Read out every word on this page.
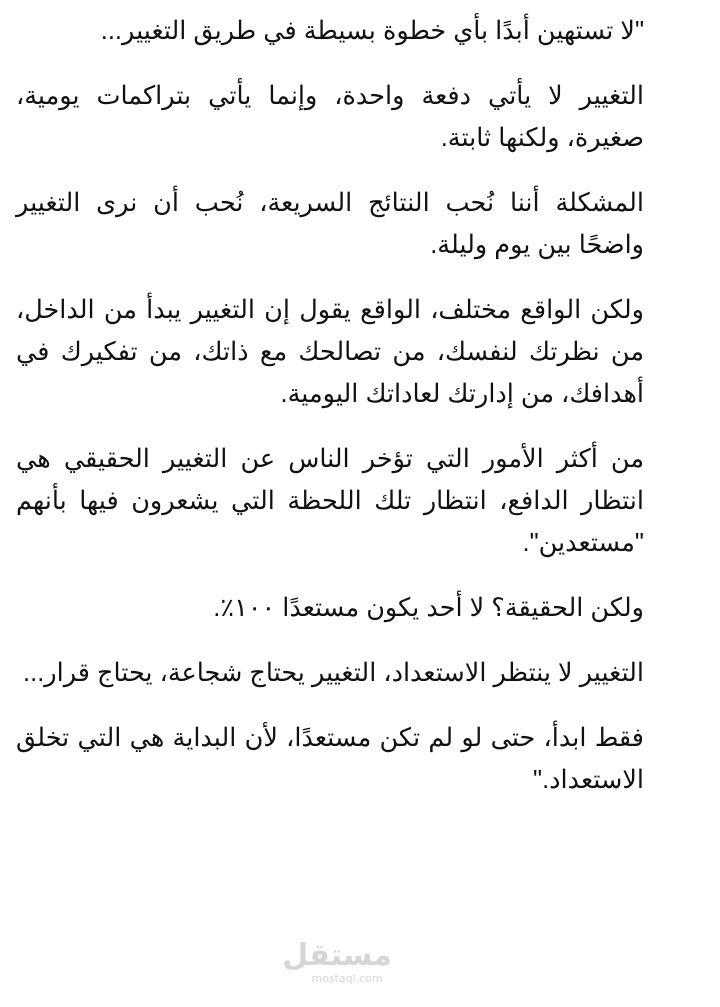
"لا تستهين أبدًا بأي خطوة بسيطة في طريق التغيير...

التغيير لا يأتي دفعة واحدة، وإنما يأتي بتراكمات يومية، صغيرة، ولكنها ثابتة.

المشكلة أننا نُحب النتائج السريعة، نُحب أن نرى التغيير واضحًا بين يوم وليلة.

ولكن الواقع مختلف، الواقع يقول إن التغيير يبدأ من الداخل، من نظرتك لنفسك، من تصالحك مع ذاتك، من تفكيرك في أهدافك، من إدارتك لعاداتك اليومية.

من أكثر الأمور التي تؤخر الناس عن التغيير الحقيقي هي انتظار الدافع، انتظار تلك اللحظة التي يشعرون فيها بأنهم "مستعدين".

ولكن الحقيقة؟ لا أحد يكون مستعدًا ١٠٠٪.

التغيير لا ينتظر الاستعداد، التغيير يحتاج شجاعة، يحتاج قرار...

فقط ابدأ، حتى لو لم تكن مستعدًا، لأن البداية هي التي تخلق الاستعداد."

مستقل
mostaql.com
